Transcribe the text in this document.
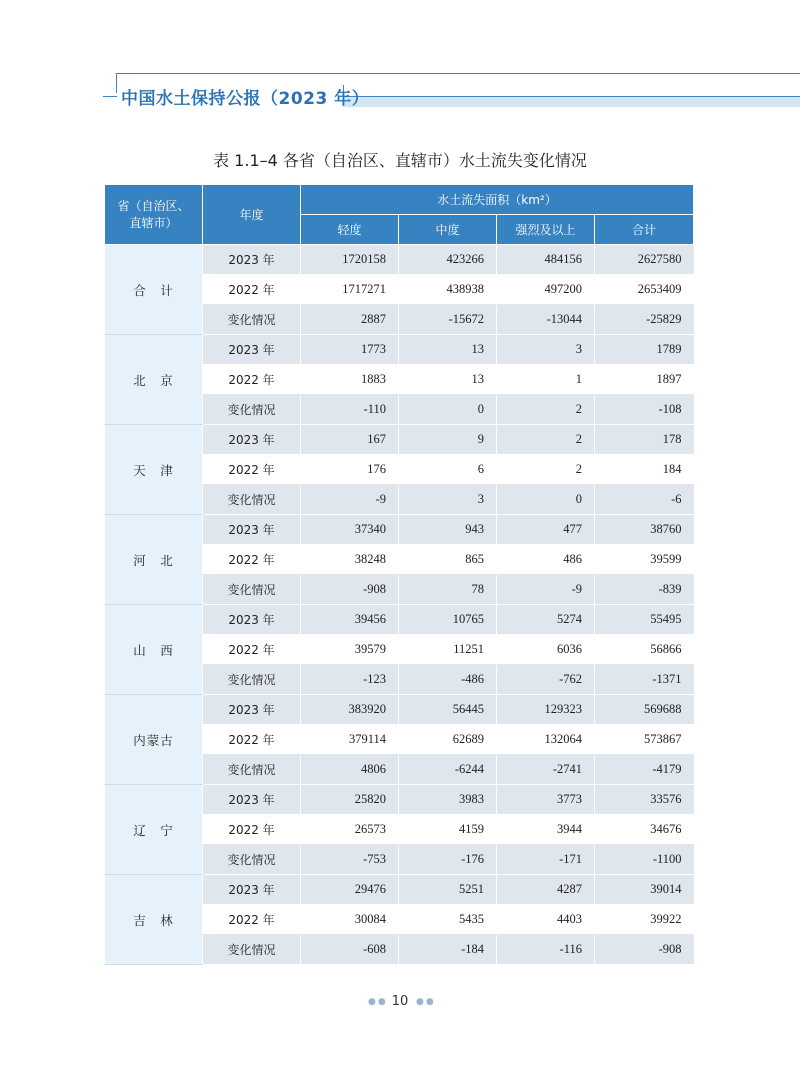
中国水土保持公报（2023 年）
表 1.1–4 各省（自治区、直辖市）水土流失变化情况
省（自治区、直辖市）	年度	水土流失面积（km²）			
		轻度	中度	强烈及以上	合计
合　计	2023 年	1720158	423266	484156	2627580
	2022 年	1717271	438938	497200	2653409
	变化情况	2887	-15672	-13044	-25829
北　京	2023 年	1773	13	3	1789
	2022 年	1883	13	1	1897
	变化情况	-110	0	2	-108
天　津	2023 年	167	9	2	178
	2022 年	176	6	2	184
	变化情况	-9	3	0	-6
河　北	2023 年	37340	943	477	38760
	2022 年	38248	865	486	39599
	变化情况	-908	78	-9	-839
山　西	2023 年	39456	10765	5274	55495
	2022 年	39579	11251	6036	56866
	变化情况	-123	-486	-762	-1371
内蒙古	2023 年	383920	56445	129323	569688
	2022 年	379114	62689	132064	573867
	变化情况	4806	-6244	-2741	-4179
辽　宁	2023 年	25820	3983	3773	33576
	2022 年	26573	4159	3944	34676
	变化情况	-753	-176	-171	-1100
吉　林	2023 年	29476	5251	4287	39014
	2022 年	30084	5435	4403	39922
	变化情况	-608	-184	-116	-908
●● 10 ●●
